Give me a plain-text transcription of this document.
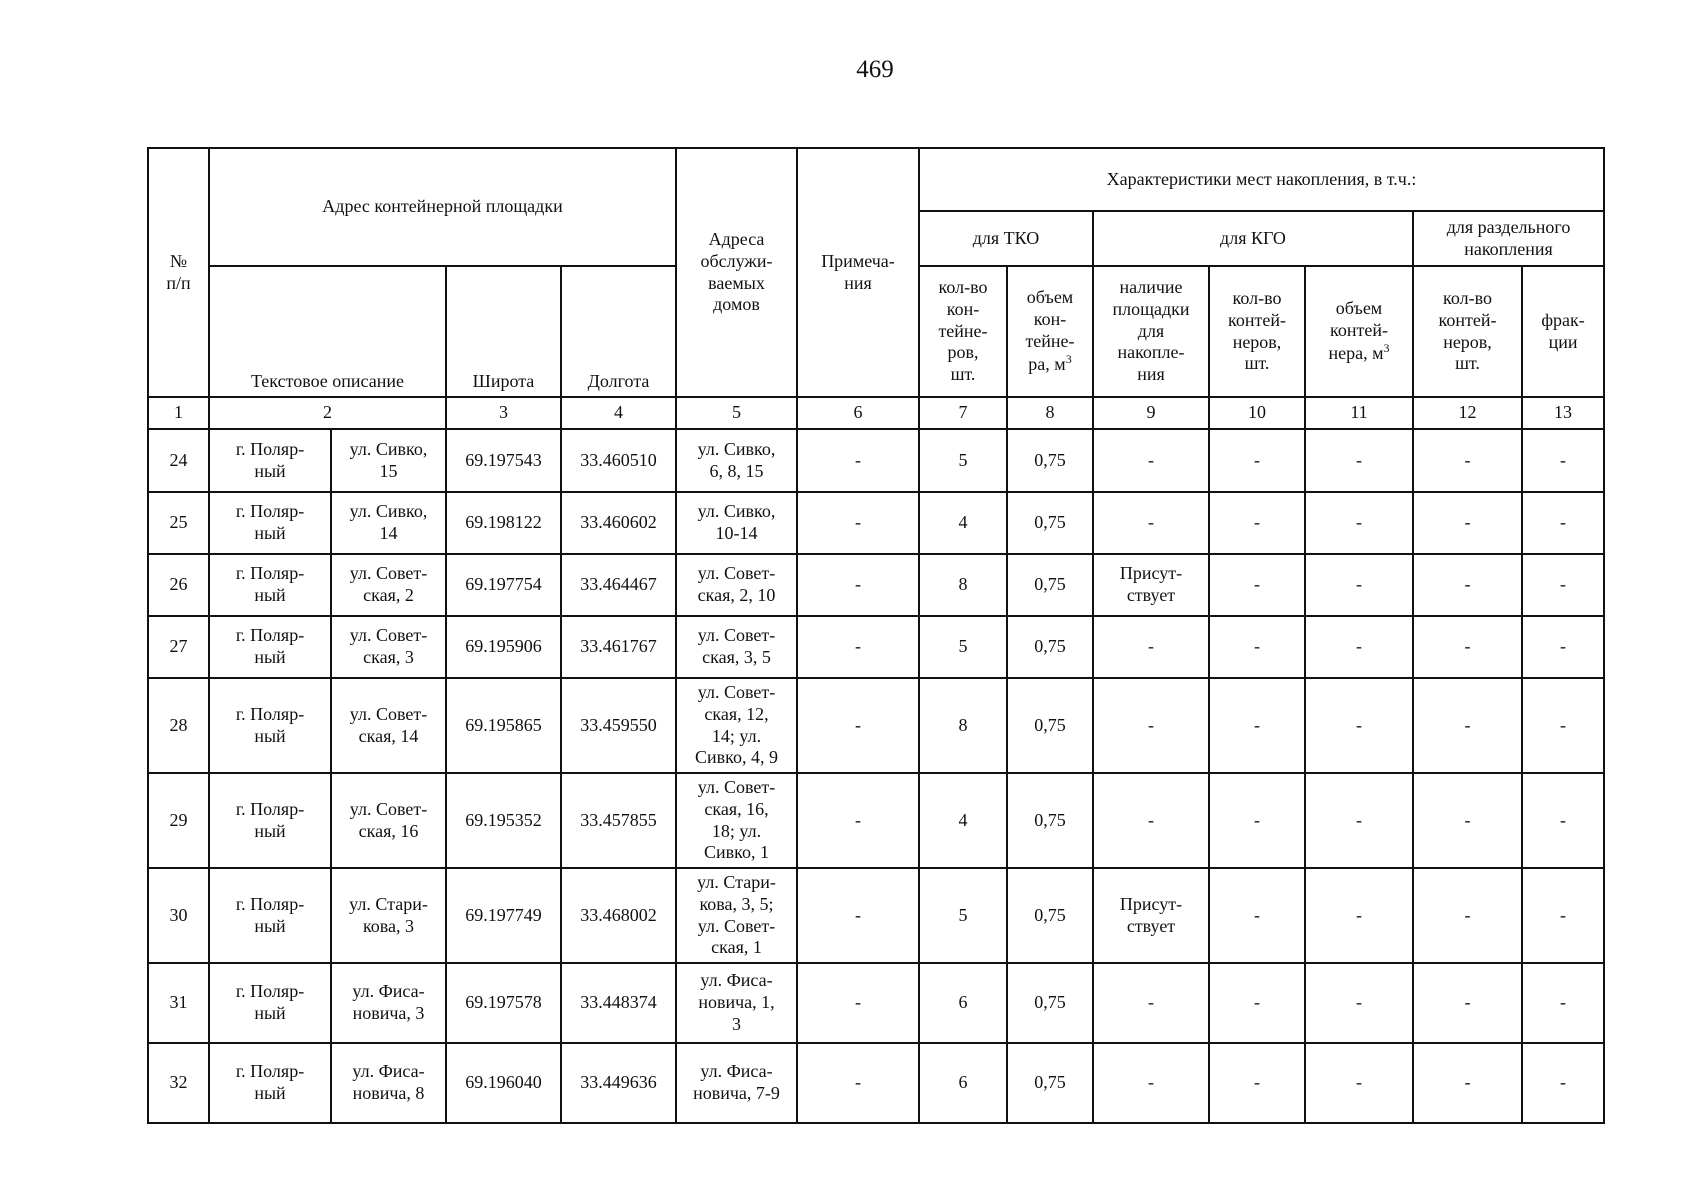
469
№
п/п	Адрес контейнерной площадки				Адреса
обслужи-
ваемых
домов	Примеча-
ния	Характеристики мест накопления, в т.ч.:						
							для ТКО		для КГО			для раздельного
накопления	
	Текстовое описание		Широта	Долгота			кол-во
кон-
тейне-
ров,
шт.	объем
кон-
тейне-
ра, $м^3$	наличие
площадки
для
накопле-
ния	кол-во
контей-
неров,
шт.	объем
контей-
нера, $м^3$	кол-во
контей-
неров,
шт.	фрак-
ции
1	2		3	4	5	6	7	8	9	10	11	12	13
24	г. Поляр-
ный	ул. Сивко,
15	69.197543	33.460510	ул. Сивко,
6, 8, 15	-	5	0,75	-	-	-	-	-
25	г. Поляр-
ный	ул. Сивко,
14	69.198122	33.460602	ул. Сивко,
10-14	-	4	0,75	-	-	-	-	-
26	г. Поляр-
ный	ул. Совет-
ская, 2	69.197754	33.464467	ул. Совет-
ская, 2, 10	-	8	0,75	Присут-
ствует	-	-	-	-
27	г. Поляр-
ный	ул. Совет-
ская, 3	69.195906	33.461767	ул. Совет-
ская, 3, 5	-	5	0,75	-	-	-	-	-
28	г. Поляр-
ный	ул. Совет-
ская, 14	69.195865	33.459550	ул. Совет-
ская, 12,
14; ул.
Сивко, 4, 9	-	8	0,75	-	-	-	-	-
29	г. Поляр-
ный	ул. Совет-
ская, 16	69.195352	33.457855	ул. Совет-
ская, 16,
18; ул.
Сивко, 1	-	4	0,75	-	-	-	-	-
30	г. Поляр-
ный	ул. Стари-
кова, 3	69.197749	33.468002	ул. Стари-
кова, 3, 5;
ул. Совет-
ская, 1	-	5	0,75	Присут-
ствует	-	-	-	-
31	г. Поляр-
ный	ул. Фиса-
новича, 3	69.197578	33.448374	ул. Фиса-
новича, 1,
3	-	6	0,75	-	-	-	-	-
32	г. Поляр-
ный	ул. Фиса-
новича, 8	69.196040	33.449636	ул. Фиса-
новича, 7-9	-	6	0,75	-	-	-	-	-
